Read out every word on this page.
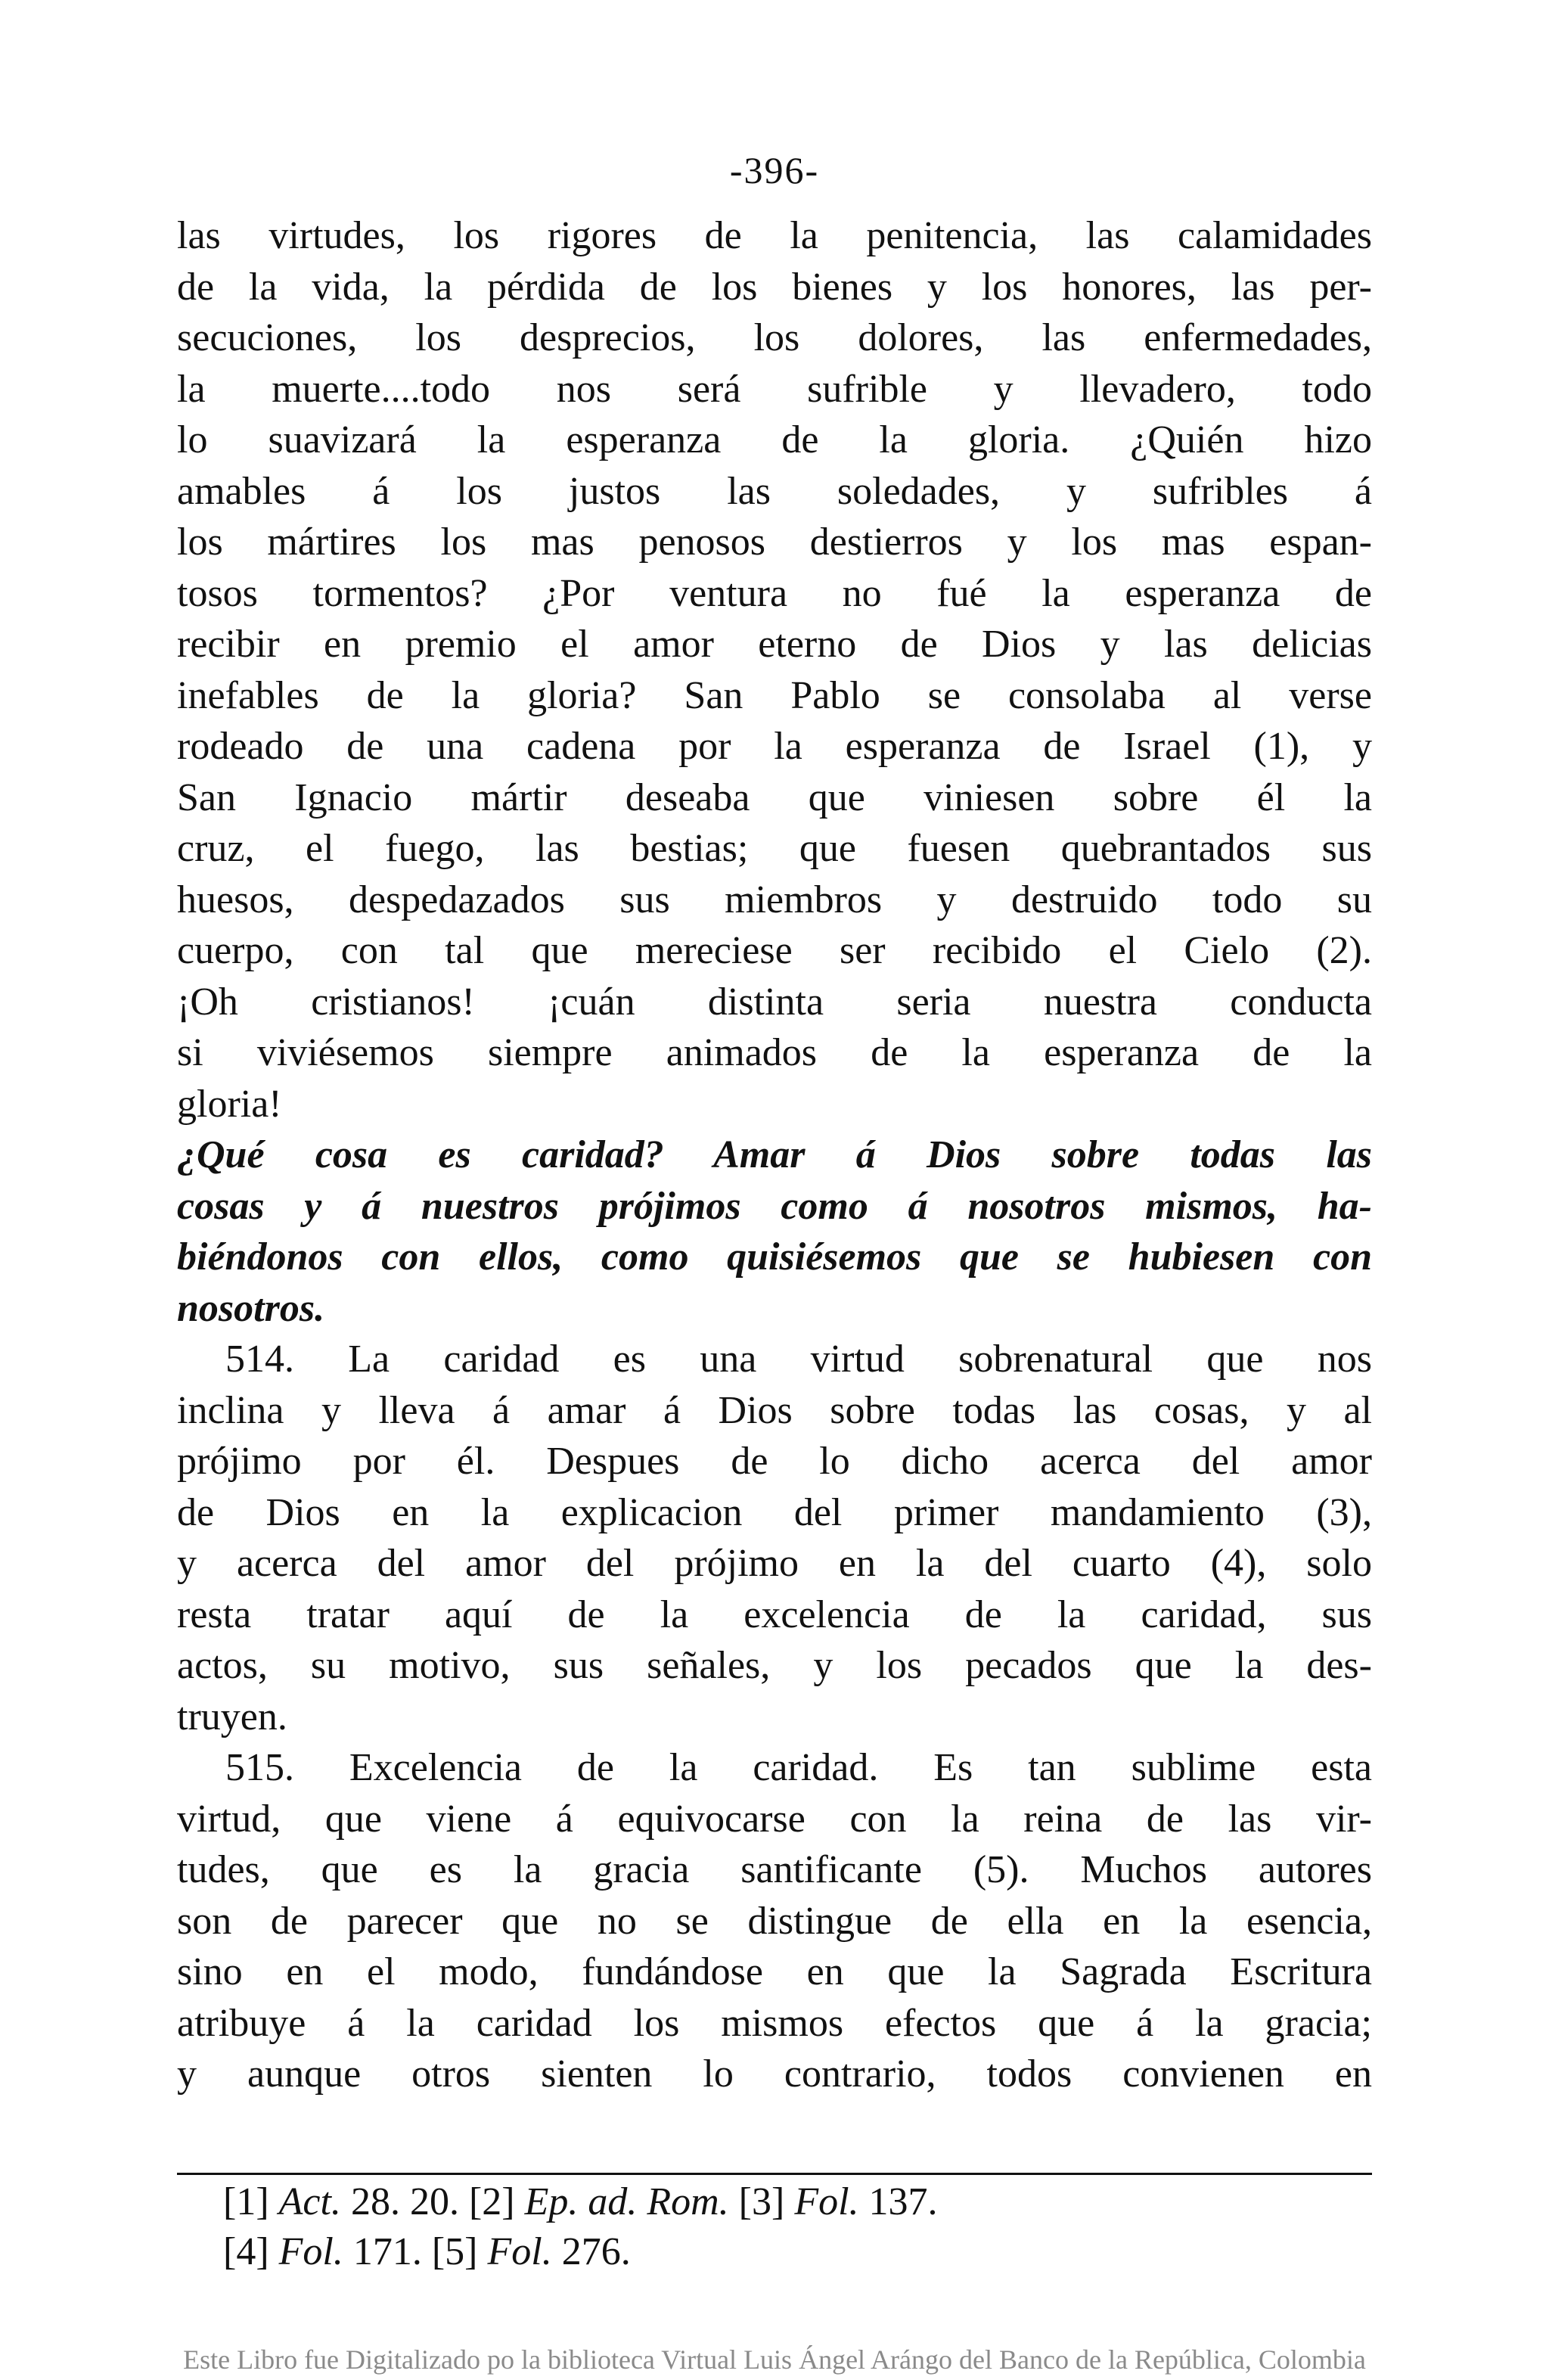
-396-
las virtudes, los rigores de la penitencia, las calamidades
de la vida, la pérdida de los bienes y los honores, las per-
secuciones, los desprecios, los dolores, las enfermedades,
la muerte....todo nos será sufrible y llevadero, todo
lo suavizará la esperanza de la gloria. ¿Quién hizo
amables á los justos las soledades, y sufribles á
los mártires los mas penosos destierros y los mas espan-
tosos tormentos? ¿Por ventura no fué la esperanza de
recibir en premio el amor eterno de Dios y las delicias
inefables de la gloria? San Pablo se consolaba al verse
rodeado de una cadena por la esperanza de Israel (1), y
San Ignacio mártir deseaba que viniesen sobre él la
cruz, el fuego, las bestias; que fuesen quebrantados sus
huesos, despedazados sus miembros y destruido todo su
cuerpo, con tal que mereciese ser recibido el Cielo (2).
¡Oh cristianos! ¡cuán distinta seria nuestra conducta
si viviésemos siempre animados de la esperanza de la
gloria!
¿Qué cosa es caridad? Amar á Dios sobre todas las
cosas y á nuestros prójimos como á nosotros mismos, ha-
biéndonos con ellos, como quisiésemos que se hubiesen con
nosotros.
514. La caridad es una virtud sobrenatural que nos
inclina y lleva á amar á Dios sobre todas las cosas, y al
prójimo por él. Despues de lo dicho acerca del amor
de Dios en la explicacion del primer mandamiento (3),
y acerca del amor del prójimo en la del cuarto (4), solo
resta tratar aquí de la excelencia de la caridad, sus
actos, su motivo, sus señales, y los pecados que la des-
truyen.
515. Excelencia de la caridad. Es tan sublime esta
virtud, que viene á equivocarse con la reina de las vir-
tudes, que es la gracia santificante (5). Muchos autores
son de parecer que no se distingue de ella en la esencia,
sino en el modo, fundándose en que la Sagrada Escritura
atribuye á la caridad los mismos efectos que á la gracia;
y aunque otros sienten lo contrario, todos convienen en
[1] Act. 28. 20. [2] Ep. ad. Rom. [3] Fol. 137.
[4] Fol. 171. [5] Fol. 276.
Este Libro fue Digitalizado po la biblioteca Virtual Luis Ángel Arángo del Banco de la República, Colombia
